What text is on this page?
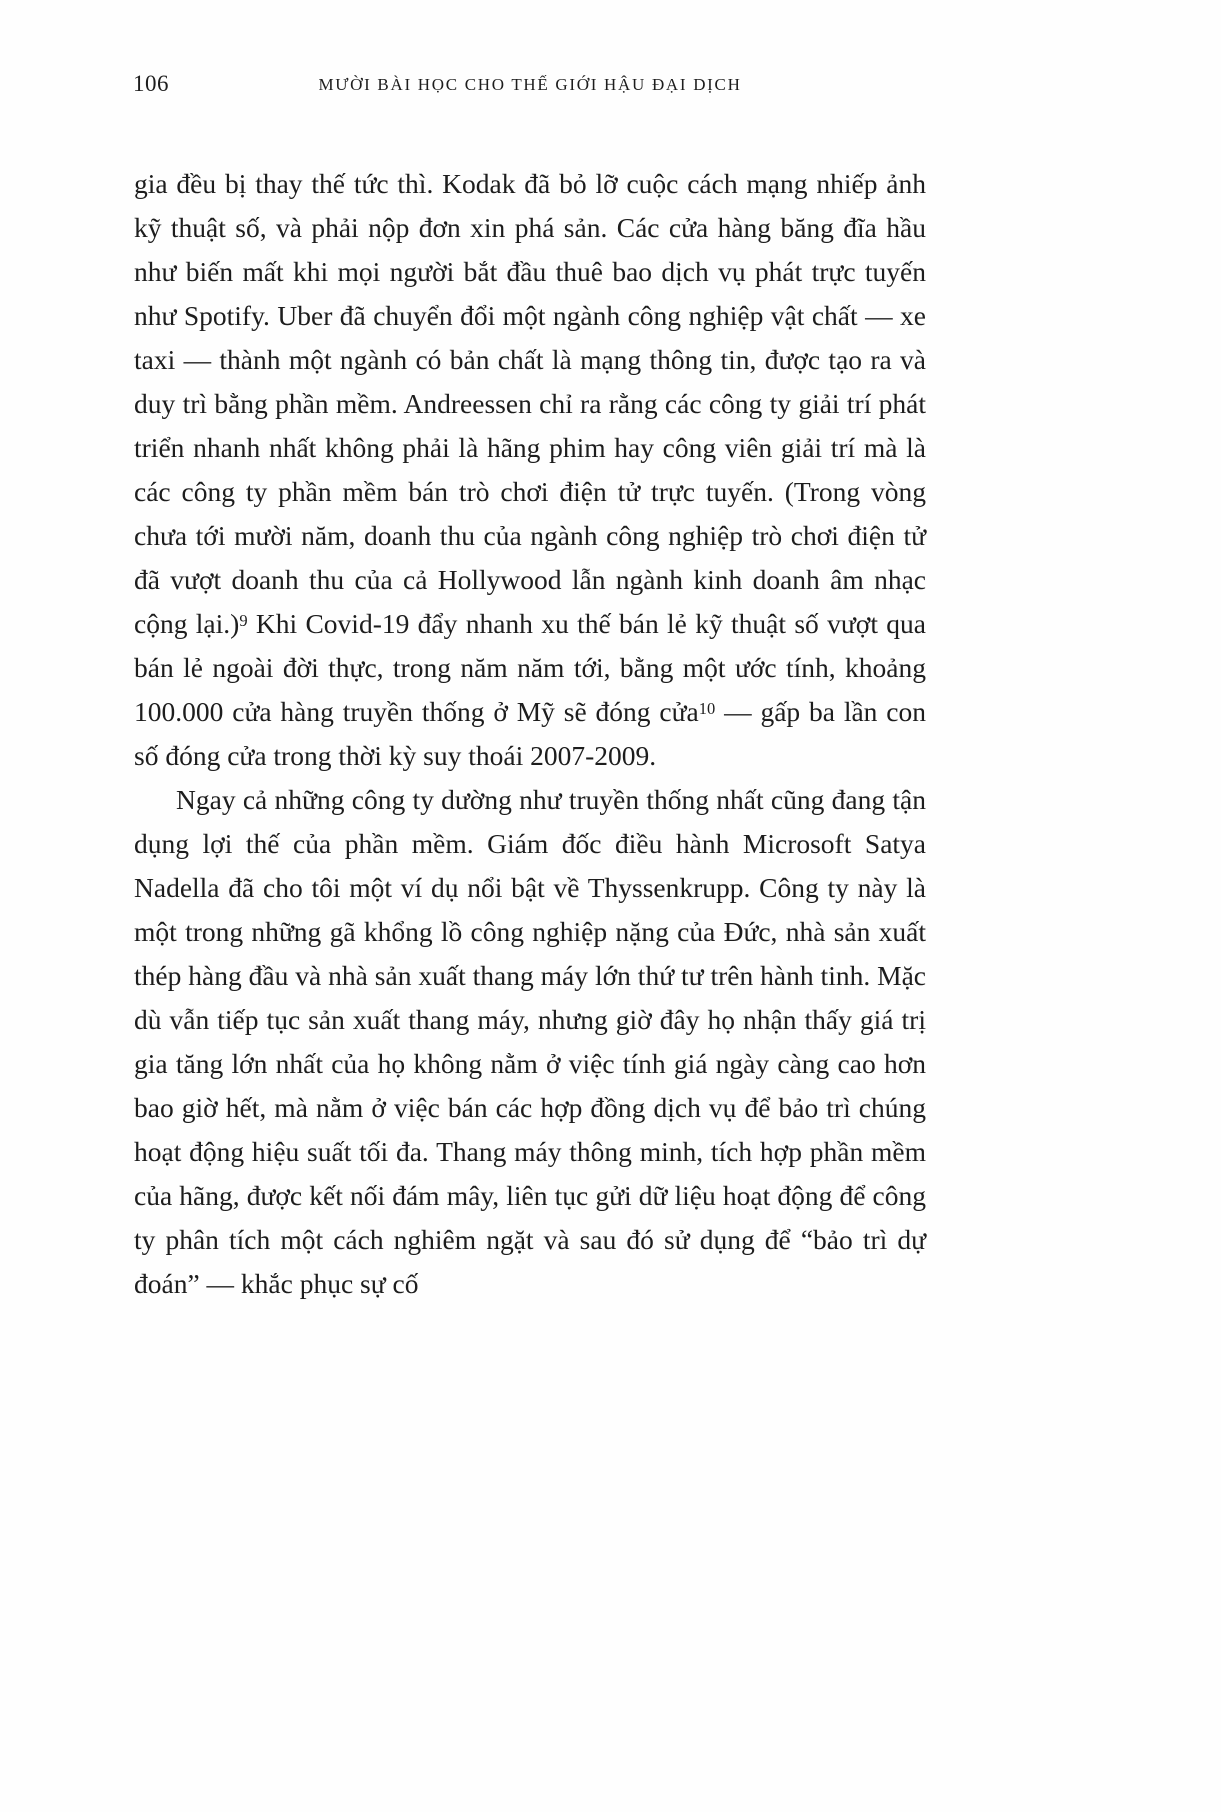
106	MƯỜI BÀI HỌC CHO THẾ GIỚI HẬU ĐẠI DỊCH

gia đều bị thay thế tức thì. Kodak đã bỏ lỡ cuộc cách mạng nhiếp ảnh kỹ thuật số, và phải nộp đơn xin phá sản. Các cửa hàng băng đĩa hầu như biến mất khi mọi người bắt đầu thuê bao dịch vụ phát trực tuyến như Spotify. Uber đã chuyển đổi một ngành công nghiệp vật chất — xe taxi — thành một ngành có bản chất là mạng thông tin, được tạo ra và duy trì bằng phần mềm. Andreessen chỉ ra rằng các công ty giải trí phát triển nhanh nhất không phải là hãng phim hay công viên giải trí mà là các công ty phần mềm bán trò chơi điện tử trực tuyến. (Trong vòng chưa tới mười năm, doanh thu của ngành công nghiệp trò chơi điện tử đã vượt doanh thu của cả Hollywood lẫn ngành kinh doanh âm nhạc cộng lại.)$^9$ Khi Covid-19 đẩy nhanh xu thế bán lẻ kỹ thuật số vượt qua bán lẻ ngoài đời thực, trong năm năm tới, bằng một ước tính, khoảng 100.000 cửa hàng truyền thống ở Mỹ sẽ đóng cửa$^{10}$ — gấp ba lần con số đóng cửa trong thời kỳ suy thoái 2007-2009.

Ngay cả những công ty dường như truyền thống nhất cũng đang tận dụng lợi thế của phần mềm. Giám đốc điều hành Microsoft Satya Nadella đã cho tôi một ví dụ nổi bật về Thyssenkrupp. Công ty này là một trong những gã khổng lồ công nghiệp nặng của Đức, nhà sản xuất thép hàng đầu và nhà sản xuất thang máy lớn thứ tư trên hành tinh. Mặc dù vẫn tiếp tục sản xuất thang máy, nhưng giờ đây họ nhận thấy giá trị gia tăng lớn nhất của họ không nằm ở việc tính giá ngày càng cao hơn bao giờ hết, mà nằm ở việc bán các hợp đồng dịch vụ để bảo trì chúng hoạt động hiệu suất tối đa. Thang máy thông minh, tích hợp phần mềm của hãng, được kết nối đám mây, liên tục gửi dữ liệu hoạt động để công ty phân tích một cách nghiêm ngặt và sau đó sử dụng để “bảo trì dự đoán” — khắc phục sự cố
